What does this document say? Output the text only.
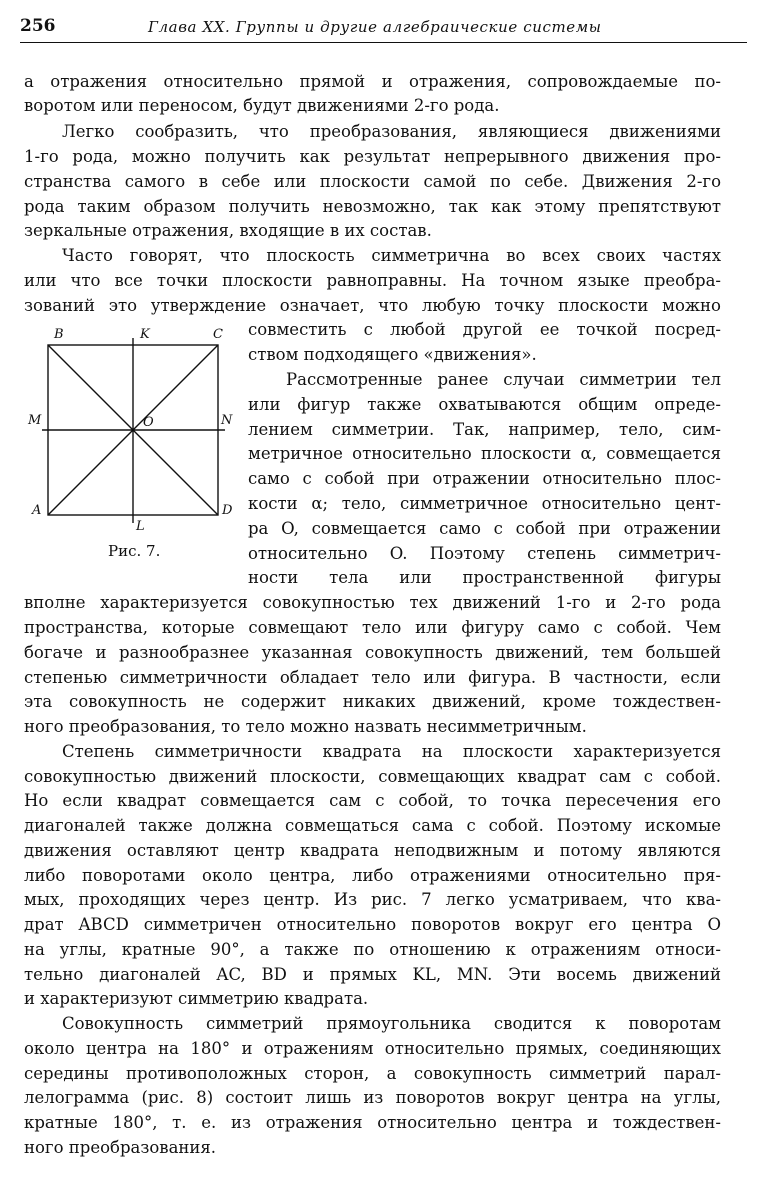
256	Глава XX. Группы и другие алгебраические системы
а отражения относительно прямой и отражения, сопровождаемые по-
воротом или переносом, будут движениями 2-го рода.
Легко сообразить, что преобразования, являющиеся движениями
1-го рода, можно получить как результат непрерывного движения про-
странства самого в себе или плоскости самой по себе. Движения 2-го
рода таким образом получить невозможно, так как этому препятствуют
зеркальные отражения, входящие в их состав.
Часто говорят, что плоскость симметрична во всех своих частях
или что все точки плоскости равноправны. На точном языке преобра-
зований это утверждение означает, что любую точку плоскости можно
совместить с любой другой ее точкой посред-
ством подходящего «движения».
Рассмотренные ранее случаи симметрии тел
или фигур также охватываются общим опреде-
лением симметрии. Так, например, тело, сим-
метричное относительно плоскости α, совмещается
само с собой при отражении относительно плос-
кости α; тело, симметричное относительно цент-
ра O, совмещается само с собой при отражении
относительно O. Поэтому степень симметрич-
ности тела или пространственной фигуры
вполне характеризуется совокупностью тех движений 1-го и 2-го рода
пространства, которые совмещают тело или фигуру само с собой. Чем
богаче и разнообразнее указанная совокупность движений, тем большей
степенью симметричности обладает тело или фигура. В частности, если
эта совокупность не содержит никаких движений, кроме тождествен-
ного преобразования, то тело можно назвать несимметричным.
Степень симметричности квадрата на плоскости характеризуется
совокупностью движений плоскости, совмещающих квадрат сам с собой.
Но если квадрат совмещается сам с собой, то точка пересечения его
диагоналей также должна совмещаться сама с собой. Поэтому искомые
движения оставляют центр квадрата неподвижным и потому являются
либо поворотами около центра, либо отражениями относительно пря-
мых, проходящих через центр. Из рис. 7 легко усматриваем, что ква-
драт ABCD симметричен относительно поворотов вокруг его центра O
на углы, кратные 90°, а также по отношению к отражениям относи-
тельно диагоналей AC, BD и прямых KL, MN. Эти восемь движений
и характеризуют симметрию квадрата.
Совокупность симметрий прямоугольника сводится к поворотам
около центра на 180° и отражениям относительно прямых, соединяющих
середины противоположных сторон, а совокупность симметрий парал-
лелограмма (рис. 8) состоит лишь из поворотов вокруг центра на углы,
кратные 180°, т. е. из отражения относительно центра и тождествен-
ного преобразования.
B	K	C
M	O	N
A
L
D
Рис. 7.
